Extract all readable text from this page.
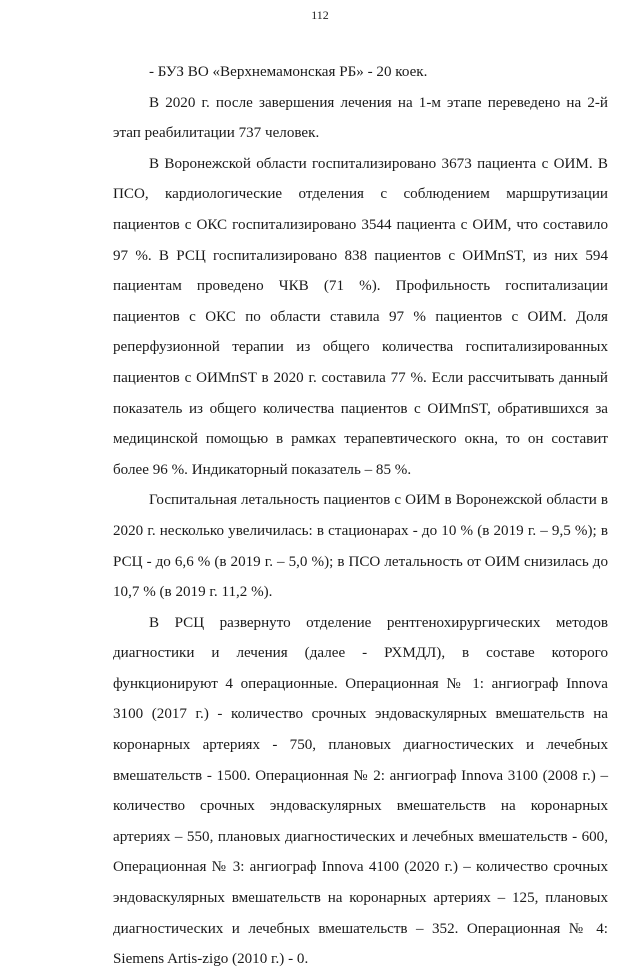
112
- БУЗ ВО «Верхнемамонская РБ» - 20 коек.
В 2020 г. после завершения лечения на 1-м этапе переведено на 2-й
этап реабилитации 737 человек.
В Воронежской области госпитализировано 3673 пациента с ОИМ. В
ПСО, кардиологические отделения с соблюдением маршрутизации
пациентов с ОКС госпитализировано 3544 пациента с ОИМ, что составило
97 %. В РСЦ госпитализировано 838 пациентов с ОИМпST, из них 594
пациентам проведено ЧКВ (71 %). Профильность госпитализации
пациентов с ОКС по области ставила 97 % пациентов с ОИМ. Доля
реперфузионной терапии из общего количества госпитализированных
пациентов с ОИМпST в 2020 г. составила 77 %. Если рассчитывать данный
показатель из общего количества пациентов с ОИМпST, обратившихся за
медицинской помощью в рамках терапевтического окна, то он составит
более 96 %. Индикаторный показатель – 85 %.
Госпитальная летальность пациентов с ОИМ в Воронежской области в
2020 г. несколько увеличилась: в стационарах - до 10 % (в 2019 г. – 9,5 %); в
РСЦ - до 6,6 % (в 2019 г. – 5,0 %); в ПСО летальность от ОИМ снизилась до
10,7 % (в 2019 г. 11,2 %).
В РСЦ развернуто отделение рентгенохирургических методов
диагностики и лечения (далее - РХМДЛ), в составе которого
функционируют 4 операционные. Операционная № 1: ангиограф Innova
3100 (2017 г.) - количество срочных эндоваскулярных вмешательств на
коронарных артериях - 750, плановых диагностических и лечебных
вмешательств - 1500. Операционная № 2: ангиограф Innova 3100 (2008 г.) –
количество срочных эндоваскулярных вмешательств на коронарных
артериях – 550, плановых диагностических и лечебных вмешательств - 600,
Операционная № 3: ангиограф Innova 4100 (2020 г.) – количество срочных
эндоваскулярных вмешательств на коронарных артериях – 125, плановых
диагностических и лечебных вмешательств – 352. Операционная № 4:
Siemens Artis-zigo (2010 г.) - 0.
